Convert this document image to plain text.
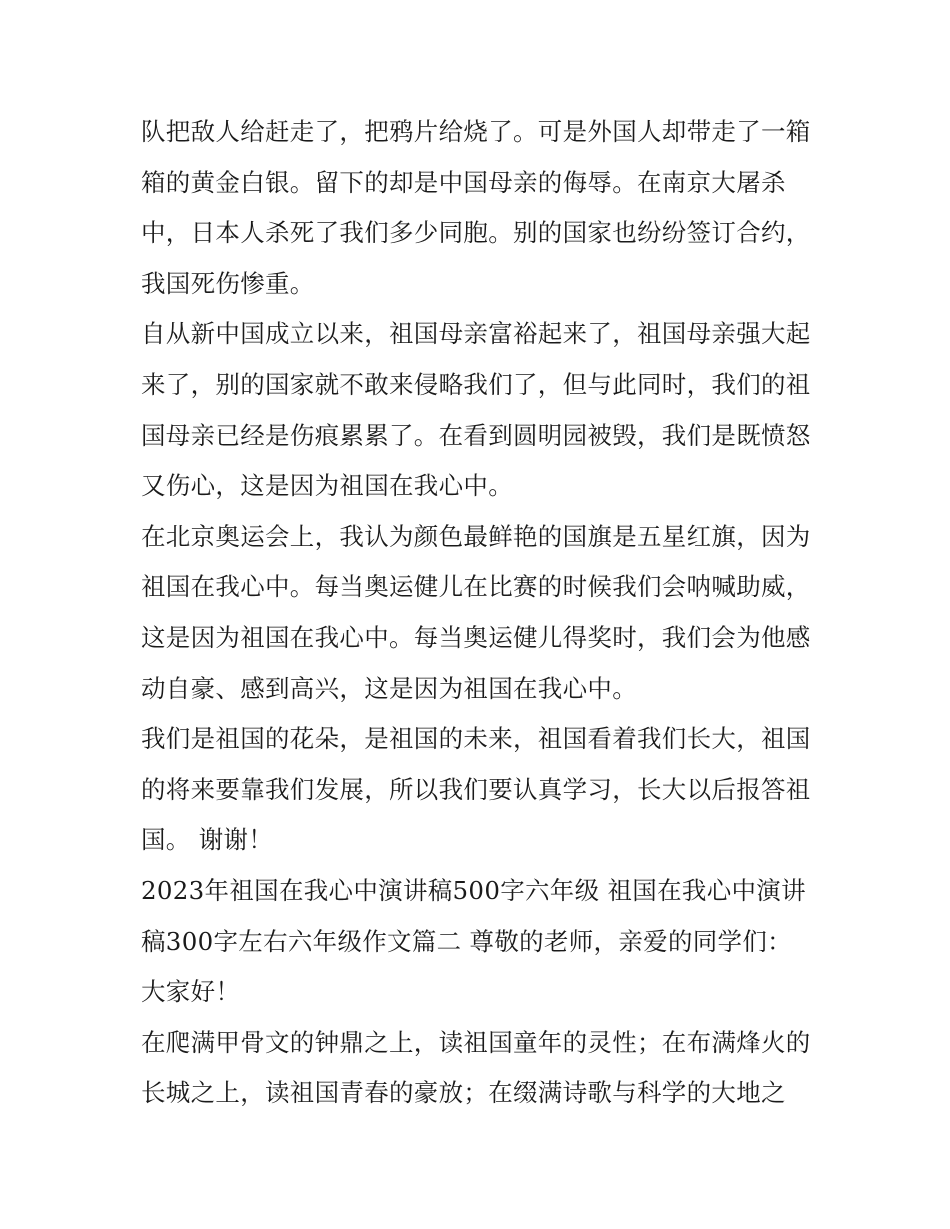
队把敌人给赶走了，把鸦片给烧了。可是外国人却带走了一箱
箱的黄金白银。留下的却是中国母亲的侮辱。在南京大屠杀
中，日本人杀死了我们多少同胞。别的国家也纷纷签订合约，
我国死伤惨重。
自从新中国成立以来，祖国母亲富裕起来了，祖国母亲强大起
来了，别的国家就不敢来侵略我们了，但与此同时，我们的祖
国母亲已经是伤痕累累了。在看到圆明园被毁，我们是既愤怒
又伤心，这是因为祖国在我心中。
在北京奥运会上，我认为颜色最鲜艳的国旗是五星红旗，因为
祖国在我心中。每当奥运健儿在比赛的时候我们会呐喊助威，
这是因为祖国在我心中。每当奥运健儿得奖时，我们会为他感
动自豪、感到高兴，这是因为祖国在我心中。
我们是祖国的花朵，是祖国的未来，祖国看着我们长大，祖国
的将来要靠我们发展，所以我们要认真学习，长大以后报答祖
国。 谢谢！
2023年祖国在我心中演讲稿500字六年级 祖国在我心中演讲
稿300字左右六年级作文篇二 尊敬的老师，亲爱的同学们：
大家好！
在爬满甲骨文的钟鼎之上，读祖国童年的灵性；在布满烽火的
长城之上，读祖国青春的豪放；在缀满诗歌与科学的大地之
